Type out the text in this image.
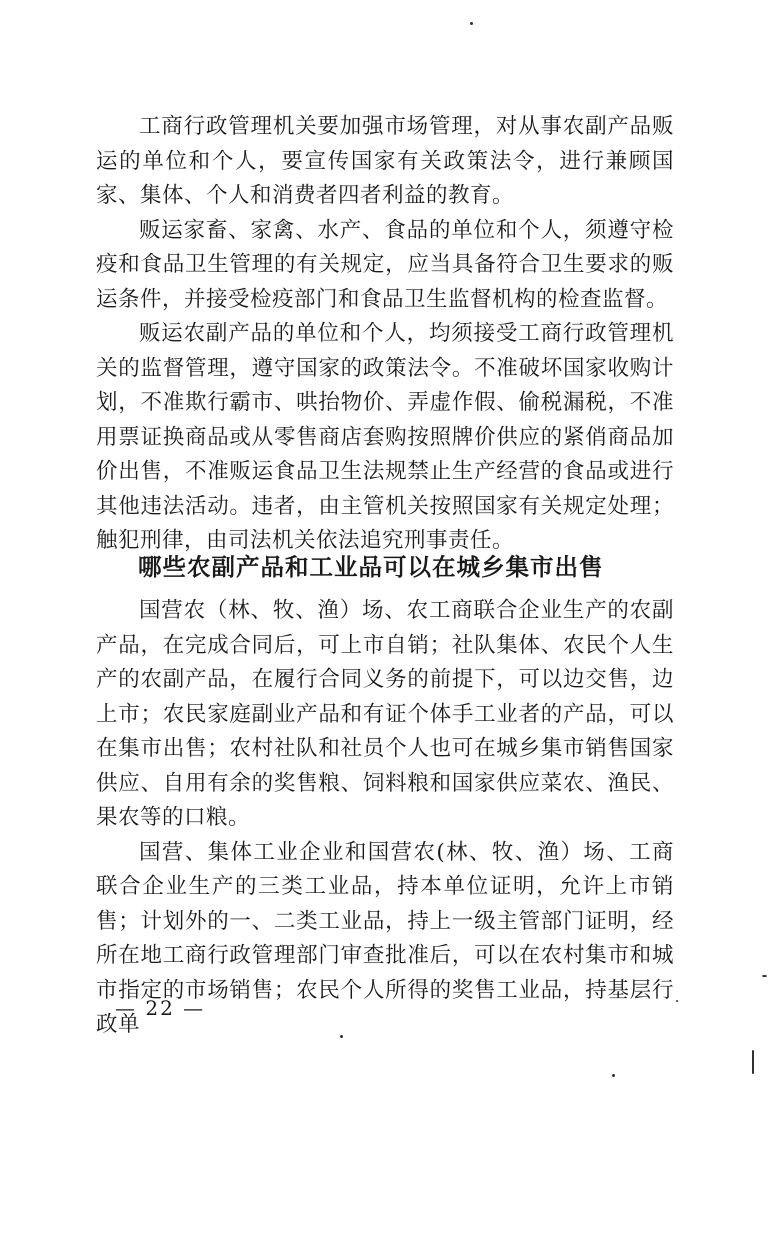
工商行政管理机关要加强市场管理，对从事农副产品贩运的单位和个人，要宣传国家有关政策法令，进行兼顾国家、集体、个人和消费者四者利益的教育。

贩运家畜、家禽、水产、食品的单位和个人，须遵守检疫和食品卫生管理的有关规定，应当具备符合卫生要求的贩运条件，并接受检疫部门和食品卫生监督机构的检查监督。

贩运农副产品的单位和个人，均须接受工商行政管理机关的监督管理，遵守国家的政策法令。不准破坏国家收购计划，不准欺行霸市、哄抬物价、弄虚作假、偷税漏税，不准用票证换商品或从零售商店套购按照牌价供应的紧俏商品加价出售，不准贩运食品卫生法规禁止生产经营的食品或进行其他违法活动。违者，由主管机关按照国家有关规定处理；触犯刑律，由司法机关依法追究刑事责任。

哪些农副产品和工业品可以在城乡集市出售

国营农（林、牧、渔）场、农工商联合企业生产的农副产品，在完成合同后，可上市自销；社队集体、农民个人生产的农副产品，在履行合同义务的前提下，可以边交售，边上市；农民家庭副业产品和有证个体手工业者的产品，可以在集市出售；农村社队和社员个人也可在城乡集市销售国家供应、自用有余的奖售粮、饲料粮和国家供应菜农、渔民、果农等的口粮。

国营、集体工业企业和国营农(林、牧、渔）场、工商联合企业生产的三类工业品，持本单位证明，允许上市销售；计划外的一、二类工业品，持上一级主管部门证明，经所在地工商行政管理部门审查批准后，可以在农村集市和城市指定的市场销售；农民个人所得的奖售工业品，持基层行政单

— 22 —
